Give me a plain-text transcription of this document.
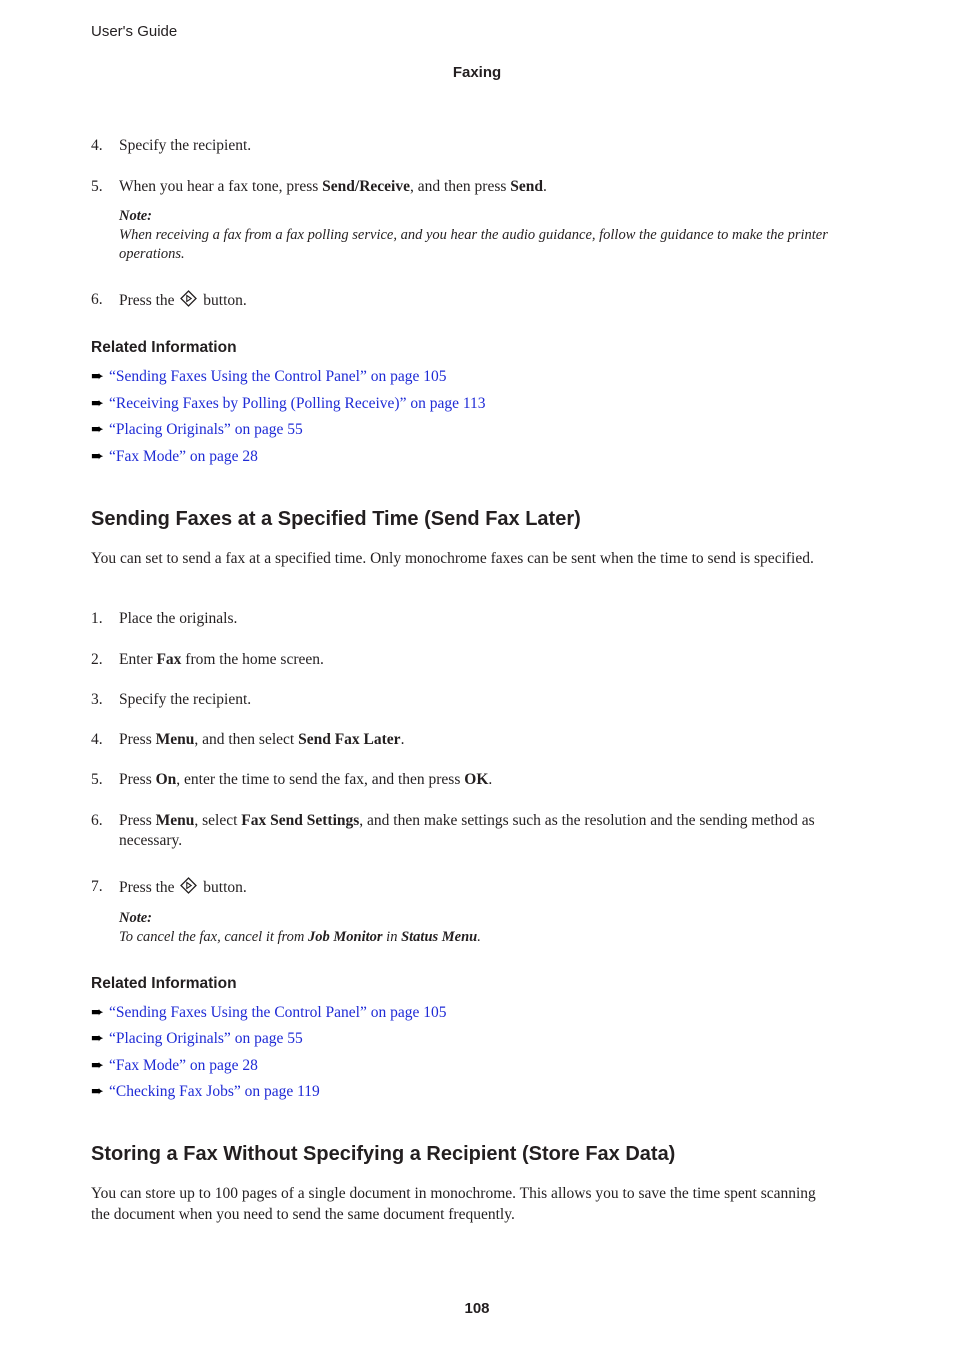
User's Guide
Faxing
4. Specify the recipient.
5. When you hear a fax tone, press Send/Receive, and then press Send.
Note:
When receiving a fax from a fax polling service, and you hear the audio guidance, follow the guidance to make the printer operations.
6. Press the  button.
Related Information
➨ “Sending Faxes Using the Control Panel” on page 105
➨ “Receiving Faxes by Polling (Polling Receive)” on page 113
➨ “Placing Originals” on page 55
➨ “Fax Mode” on page 28
Sending Faxes at a Specified Time (Send Fax Later)
You can set to send a fax at a specified time. Only monochrome faxes can be sent when the time to send is specified.
1. Place the originals.
2. Enter Fax from the home screen.
3. Specify the recipient.
4. Press Menu, and then select Send Fax Later.
5. Press On, enter the time to send the fax, and then press OK.
6. Press Menu, select Fax Send Settings, and then make settings such as the resolution and the sending method as necessary.
7. Press the  button.
Note:
To cancel the fax, cancel it from Job Monitor in Status Menu.
Related Information
➨ “Sending Faxes Using the Control Panel” on page 105
➨ “Placing Originals” on page 55
➨ “Fax Mode” on page 28
➨ “Checking Fax Jobs” on page 119
Storing a Fax Without Specifying a Recipient (Store Fax Data)
You can store up to 100 pages of a single document in monochrome. This allows you to save the time spent scanning the document when you need to send the same document frequently.
108
